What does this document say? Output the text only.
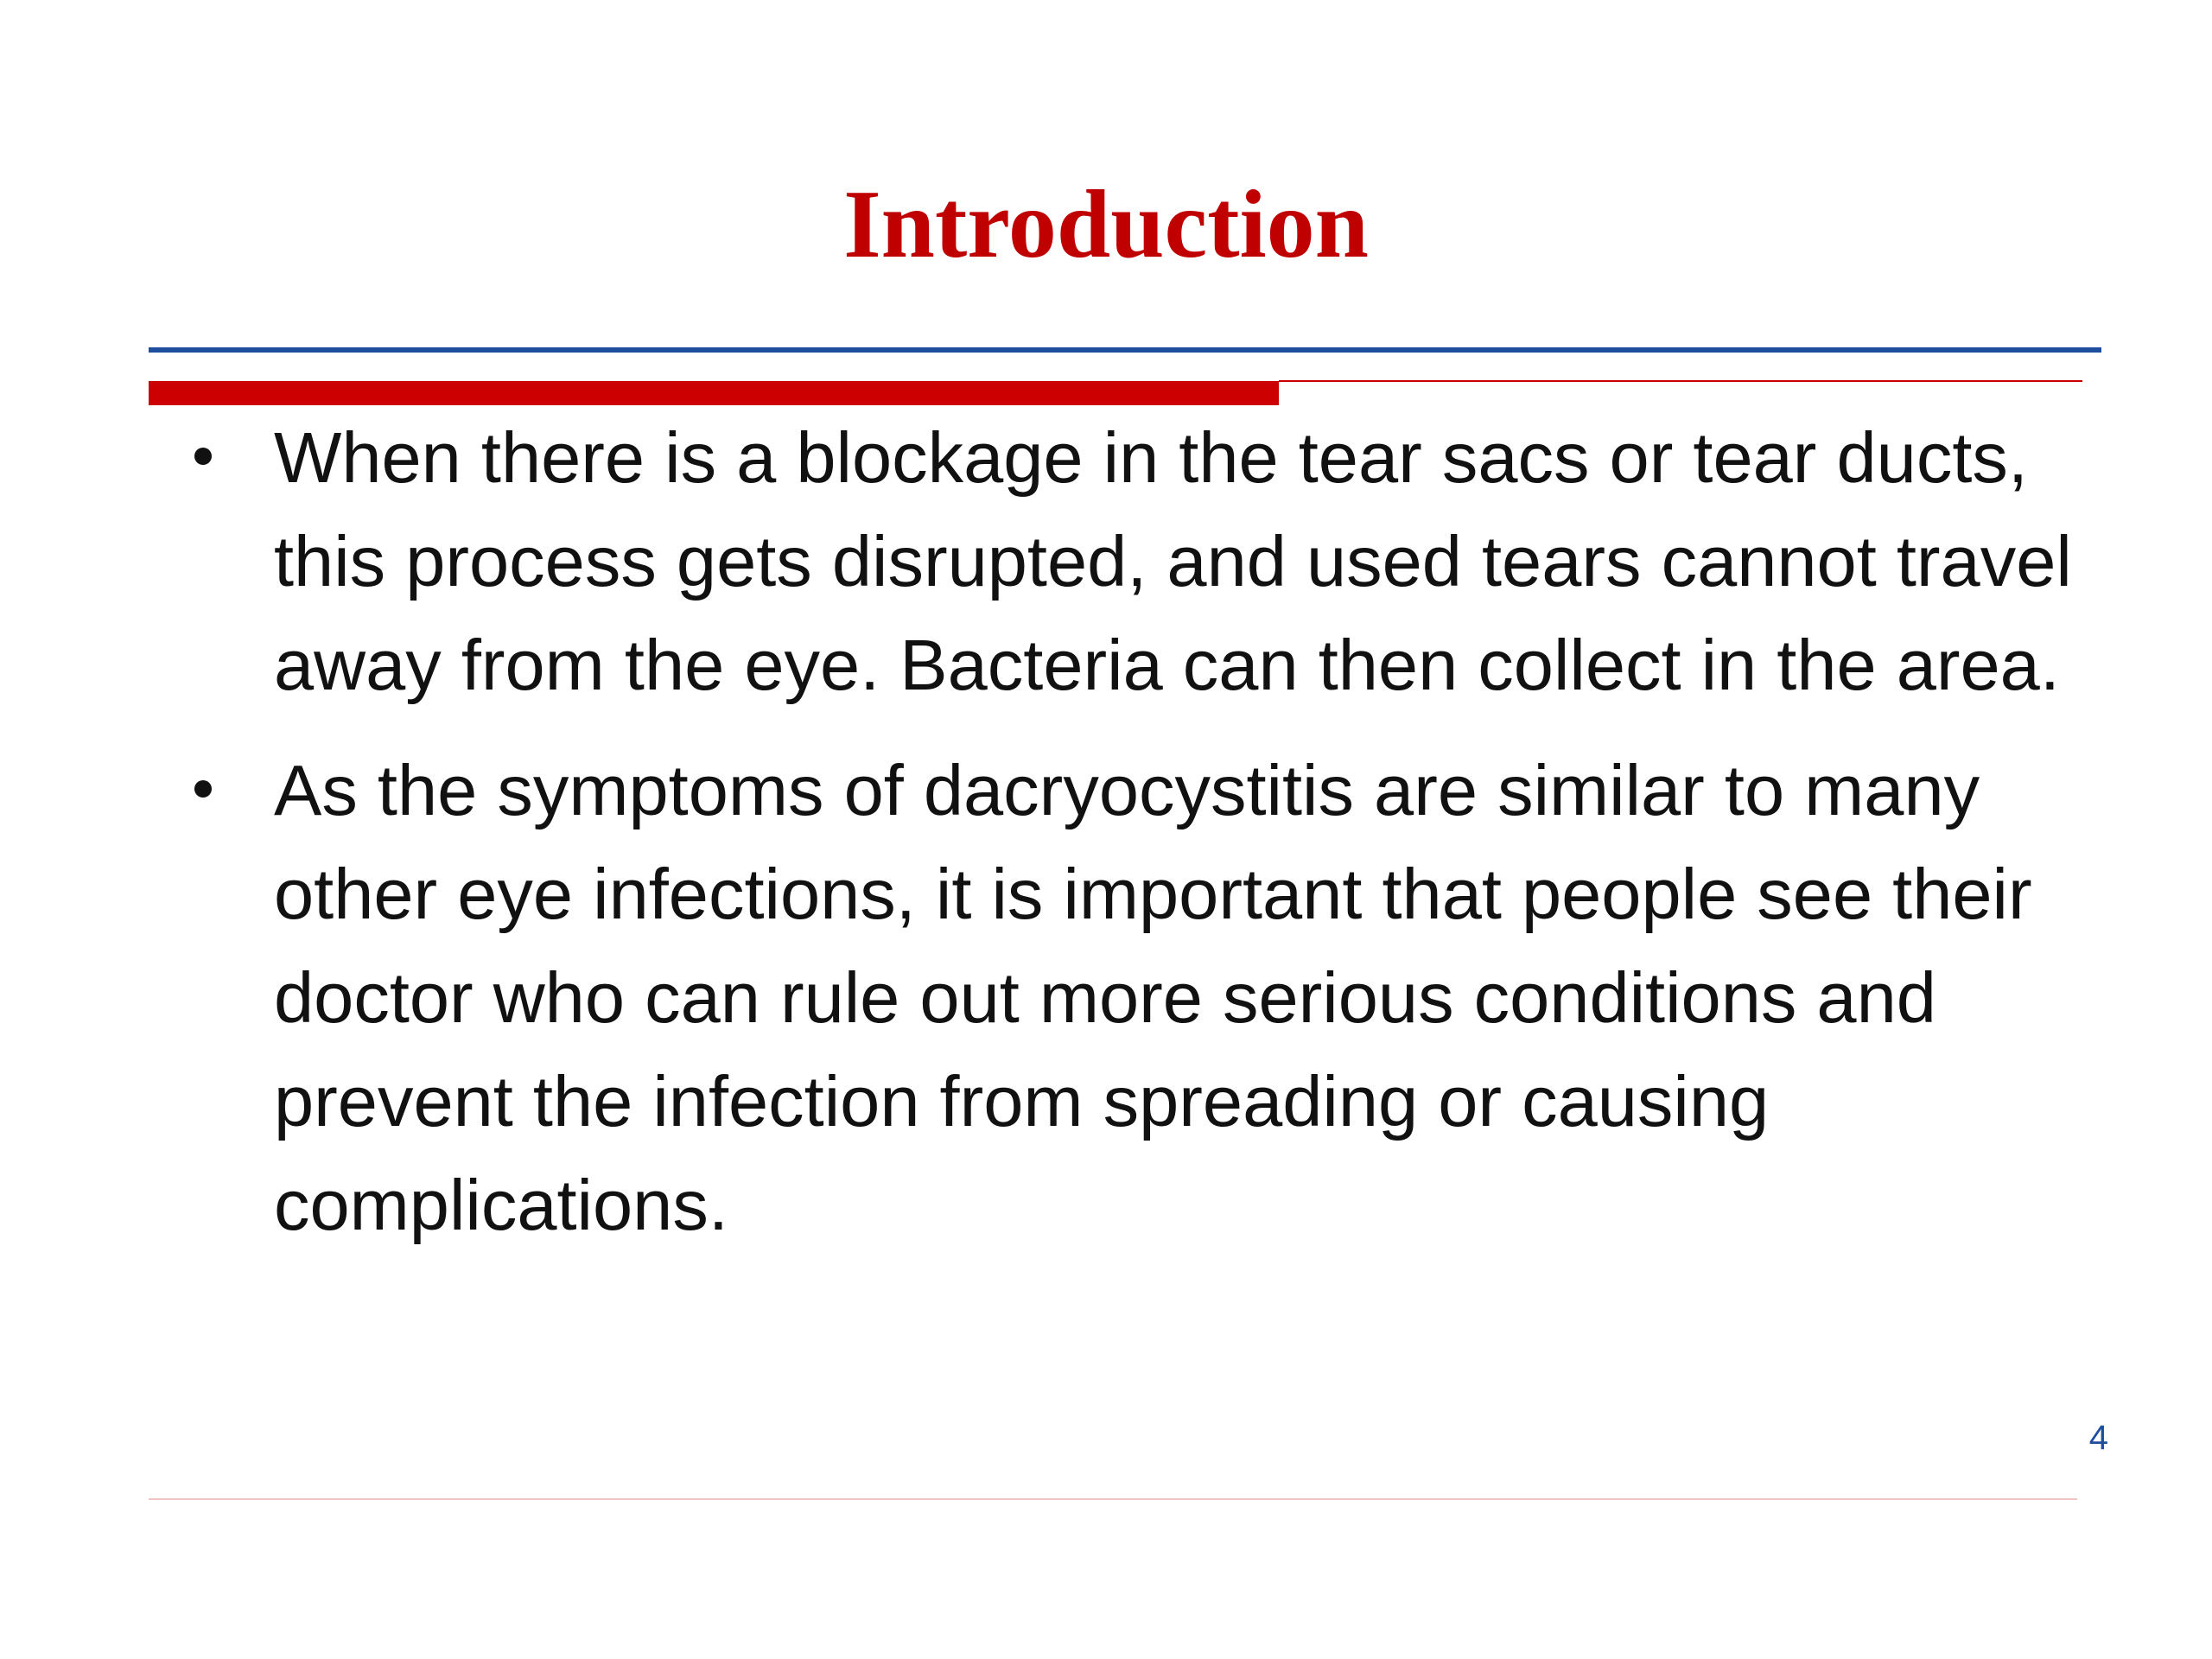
Introduction
When there is a blockage in the tear sacs or tear ducts, this process gets disrupted, and used tears cannot travel away from the eye. Bacteria can then collect in the area.
As the symptoms of dacryocystitis are similar to many other eye infections, it is important that people see their doctor who can rule out more serious conditions and prevent the infection from spreading or causing complications.
4
